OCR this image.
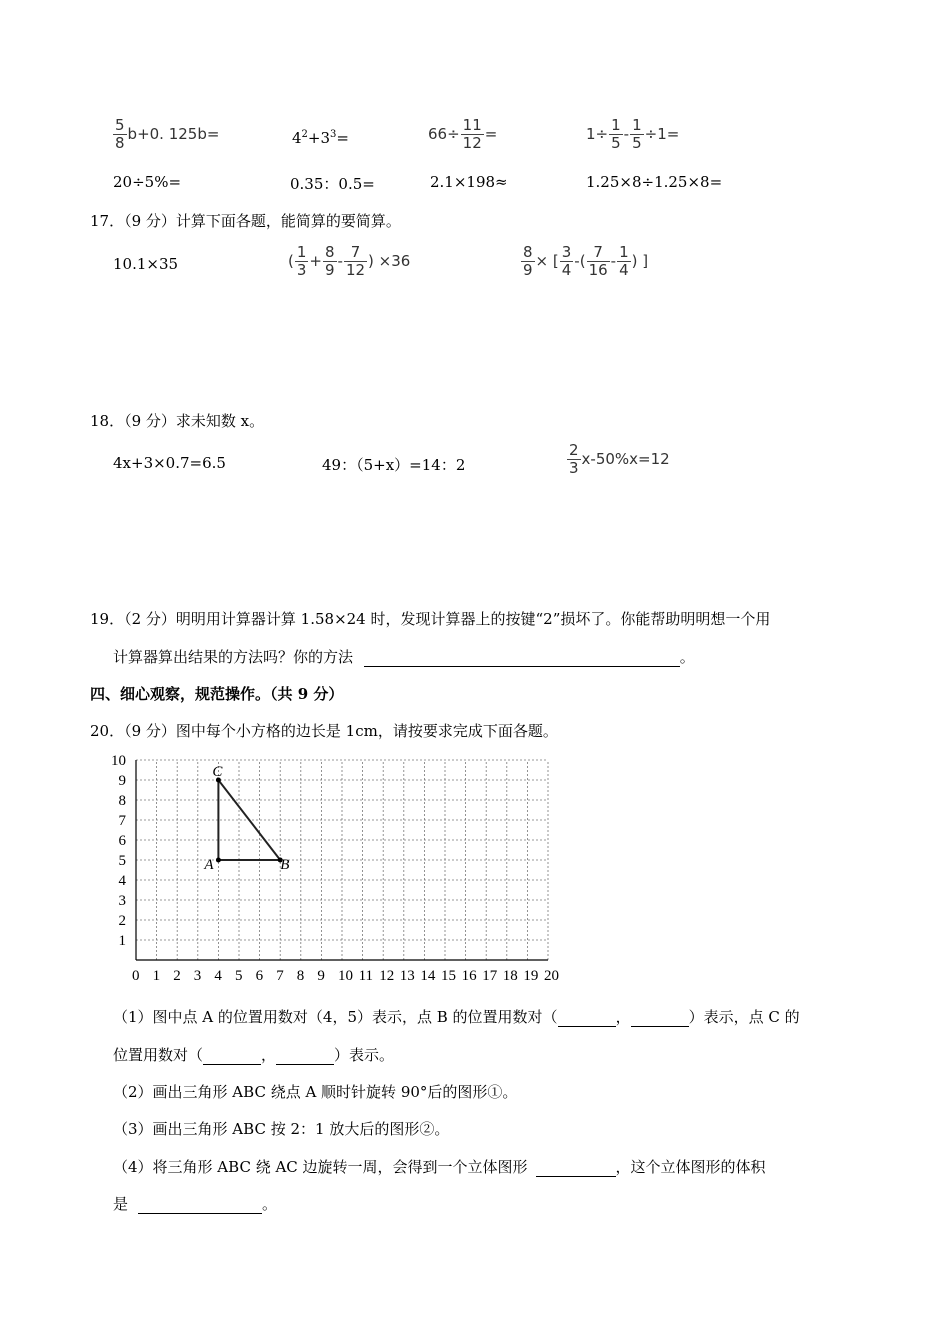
$\frac{5}{8} b+0$. 125b=	$4^2+3^3=$	$66\div \frac{11}{12}$ =	$1\div \frac{1}{5} - \frac{1}{5} \div 1=$
20÷5%=	0.35：0.5=	2.1×198≈	1.25×8÷1.25×8=
17．（9 分）计算下面各题，能简算的要简算。
10.1×35	( $\frac{1}{3} + \frac{8}{9} - \frac{7}{12}$ ) ×36	$\frac{8}{9}$ × [ $\frac{3}{4}$ -( $\frac{7}{16} - \frac{1}{4}$ ) ]
18．（9 分）求未知数 x。
4x+3×0.7=6.5	49：（5+x）=14：2	$\frac{2}{3} x-50\%x=12$
19．（2 分）明明用计算器计算 1.58×24 时，发现计算器上的按键“2”损坏了。你能帮助明明想一个用
计算器算出结果的方法吗？你的方法	。
四、细心观察，规范操作。（共 9 分）
20．（9 分）图中每个小方格的边长是 1cm，请按要求完成下面各题。
0 1 2 3 4 5 6 7 8 9 10 11 12 13 14 15 16 17 18 19 20
1
2
3
4
5
6
7
8
9
10
A	B
C
（1）图中点 A 的位置用数对（4，5）表示，点 B 的位置用数对（	，	）表示，点 C 的
位置用数对（	，	）表示。
（2）画出三角形 ABC 绕点 A 顺时针旋转 90°后的图形①。
（3）画出三角形 ABC 按 2：1 放大后的图形②。
（4）将三角形 ABC 绕 AC 边旋转一周，会得到一个立体图形	，这个立体图形的体积
是	。
